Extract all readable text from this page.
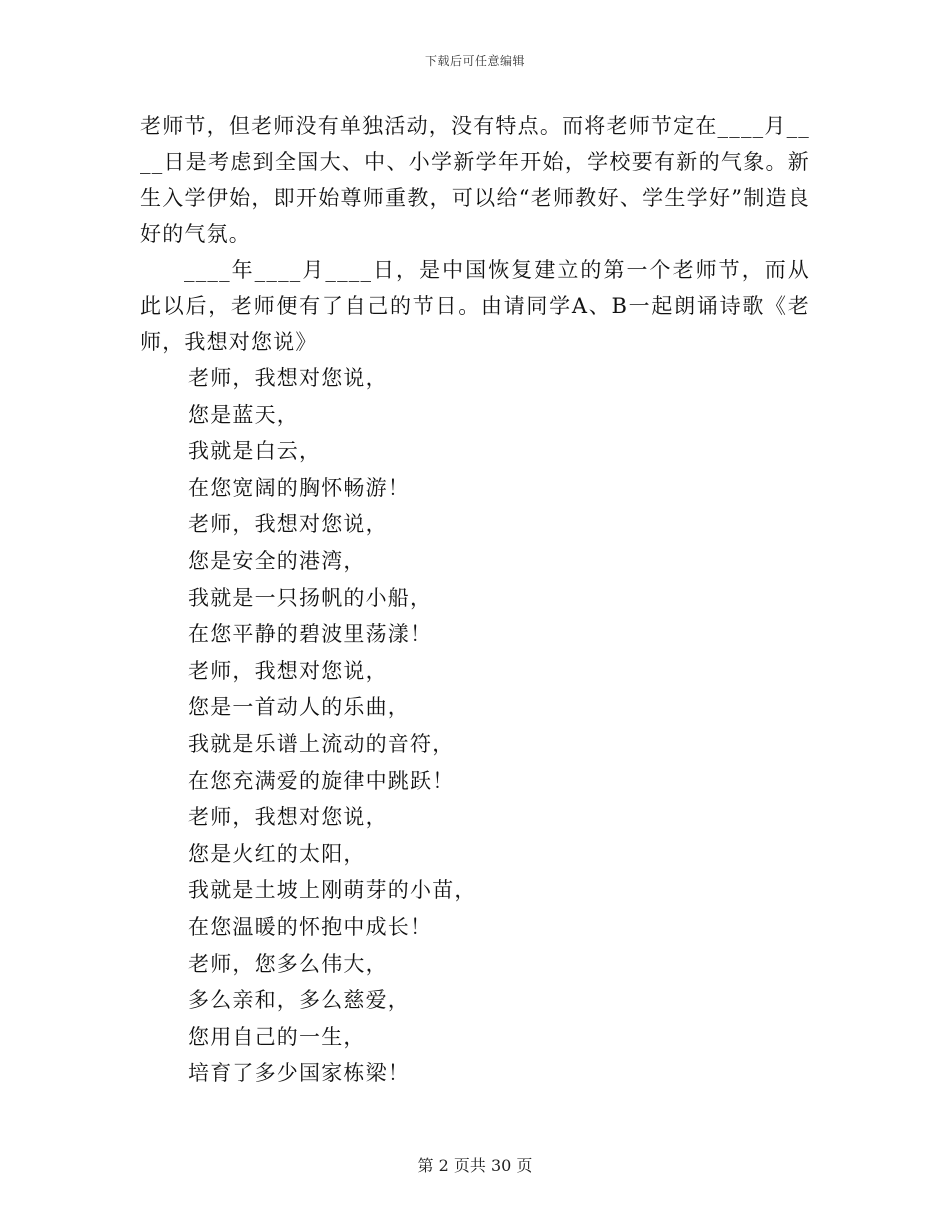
下载后可任意编辑

老师节，但老师没有单独活动，没有特点。而将老师节定在____月____日是考虑到全国大、中、小学新学年开始，学校要有新的气象。新生入学伊始，即开始尊师重教，可以给“老师教好、学生学好”制造良好的气氛。

____年____月____日，是中国恢复建立的第一个老师节，而从此以后，老师便有了自己的节日。由请同学A、B一起朗诵诗歌《老师，我想对您说》

老师，我想对您说，
您是蓝天，
我就是白云，
在您宽阔的胸怀畅游！
老师，我想对您说，
您是安全的港湾，
我就是一只扬帆的小船，
在您平静的碧波里荡漾！
老师，我想对您说，
您是一首动人的乐曲，
我就是乐谱上流动的音符，
在您充满爱的旋律中跳跃！
老师，我想对您说，
您是火红的太阳，
我就是土坡上刚萌芽的小苗，
在您温暖的怀抱中成长！
老师，您多么伟大，
多么亲和，多么慈爱，
您用自己的一生，
培育了多少国家栋梁！
第 2 页共 30 页
